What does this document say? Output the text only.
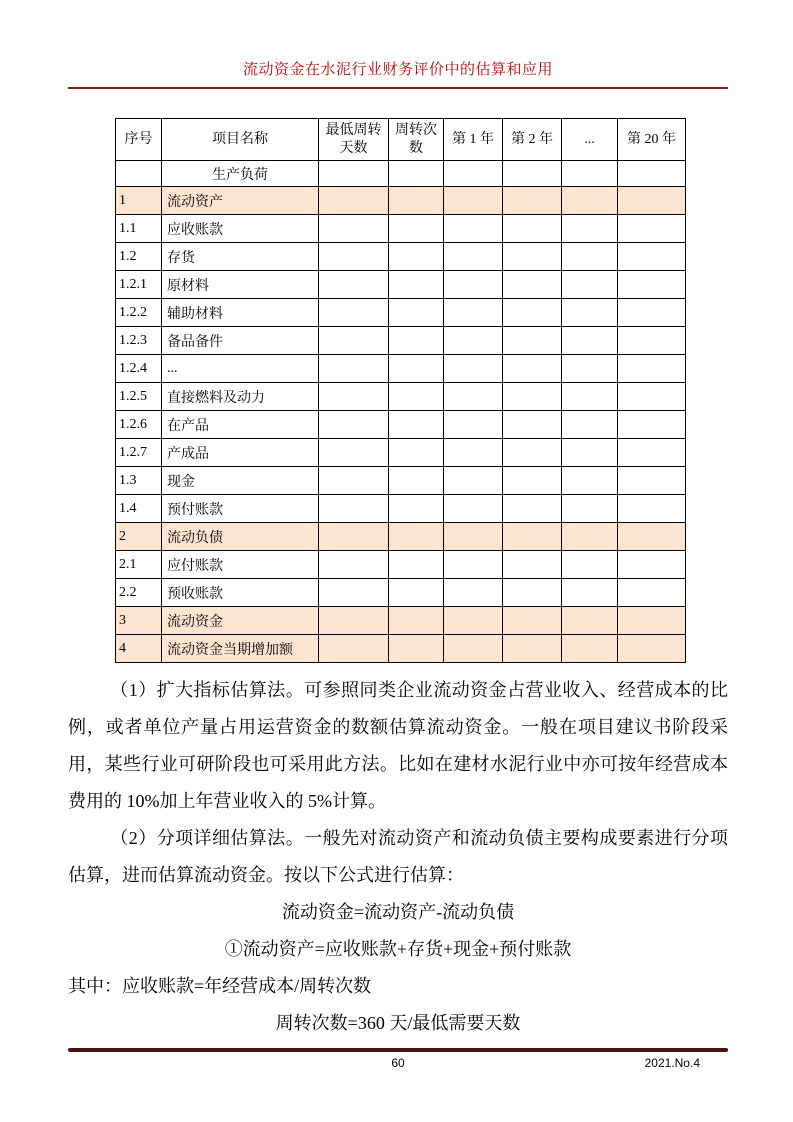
流动资金在水泥行业财务评价中的估算和应用
序号	项目名称	最低周转天数	周转次数	第 1 年	第 2 年	...	第 20 年
	生产负荷						
1	流动资产						
1.1	应收账款						
1.2	存货						
1.2.1	原材料						
1.2.2	辅助材料						
1.2.3	备品备件						
1.2.4	...						
1.2.5	直接燃料及动力						
1.2.6	在产品						
1.2.7	产成品						
1.3	现金						
1.4	预付账款						
2	流动负债						
2.1	应付账款						
2.2	预收账款						
3	流动资金						
4	流动资金当期增加额						

（1）扩大指标估算法。可参照同类企业流动资金占营业收入、经营成本的比例，或者单位产量占用运营资金的数额估算流动资金。一般在项目建议书阶段采用，某些行业可研阶段也可采用此方法。比如在建材水泥行业中亦可按年经营成本费用的 10%加上年营业收入的 5%计算。

（2）分项详细估算法。一般先对流动资产和流动负债主要构成要素进行分项估算，进而估算流动资金。按以下公式进行估算：

流动资金=流动资产-流动负债

①流动资产=应收账款+存货+现金+预付账款

其中：应收账款=年经营成本/周转次数

周转次数=360 天/最低需要天数

60	2021.No.4
